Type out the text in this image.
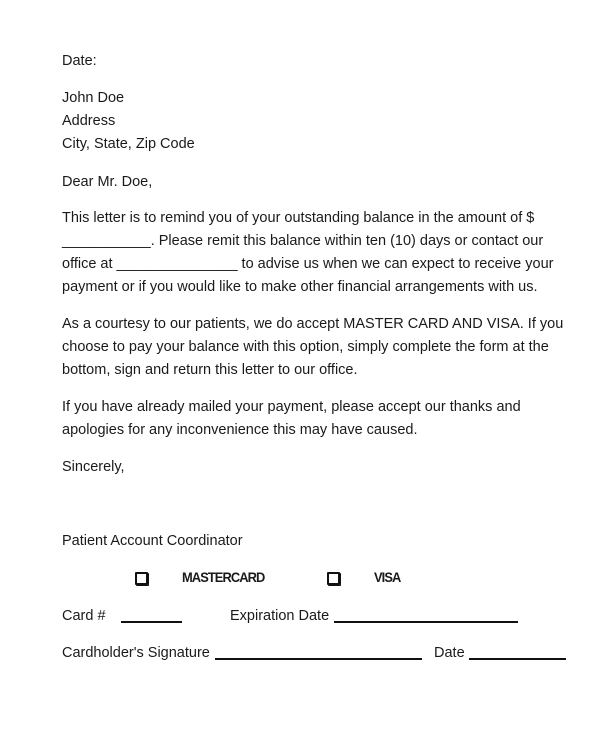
Date:
John Doe
Address
City, State, Zip Code
Dear Mr. Doe,
This letter is to remind you of your outstanding balance in the amount of $
___________. Please remit this balance within ten (10) days or contact our
office at _______________ to advise us when we can expect to receive your
payment or if you would like to make other financial arrangements with us.
As a courtesy to our patients, we do accept MASTER CARD AND VISA. If you
choose to pay your balance with this option, simply complete the form at the
bottom, sign and return this letter to our office.
If you have already mailed your payment, please accept our thanks and
apologies for any inconvenience this may have caused.
Sincerely,
Patient Account Coordinator
MASTERCARD	VISA
Card #	Expiration Date
Cardholder's Signature	Date
